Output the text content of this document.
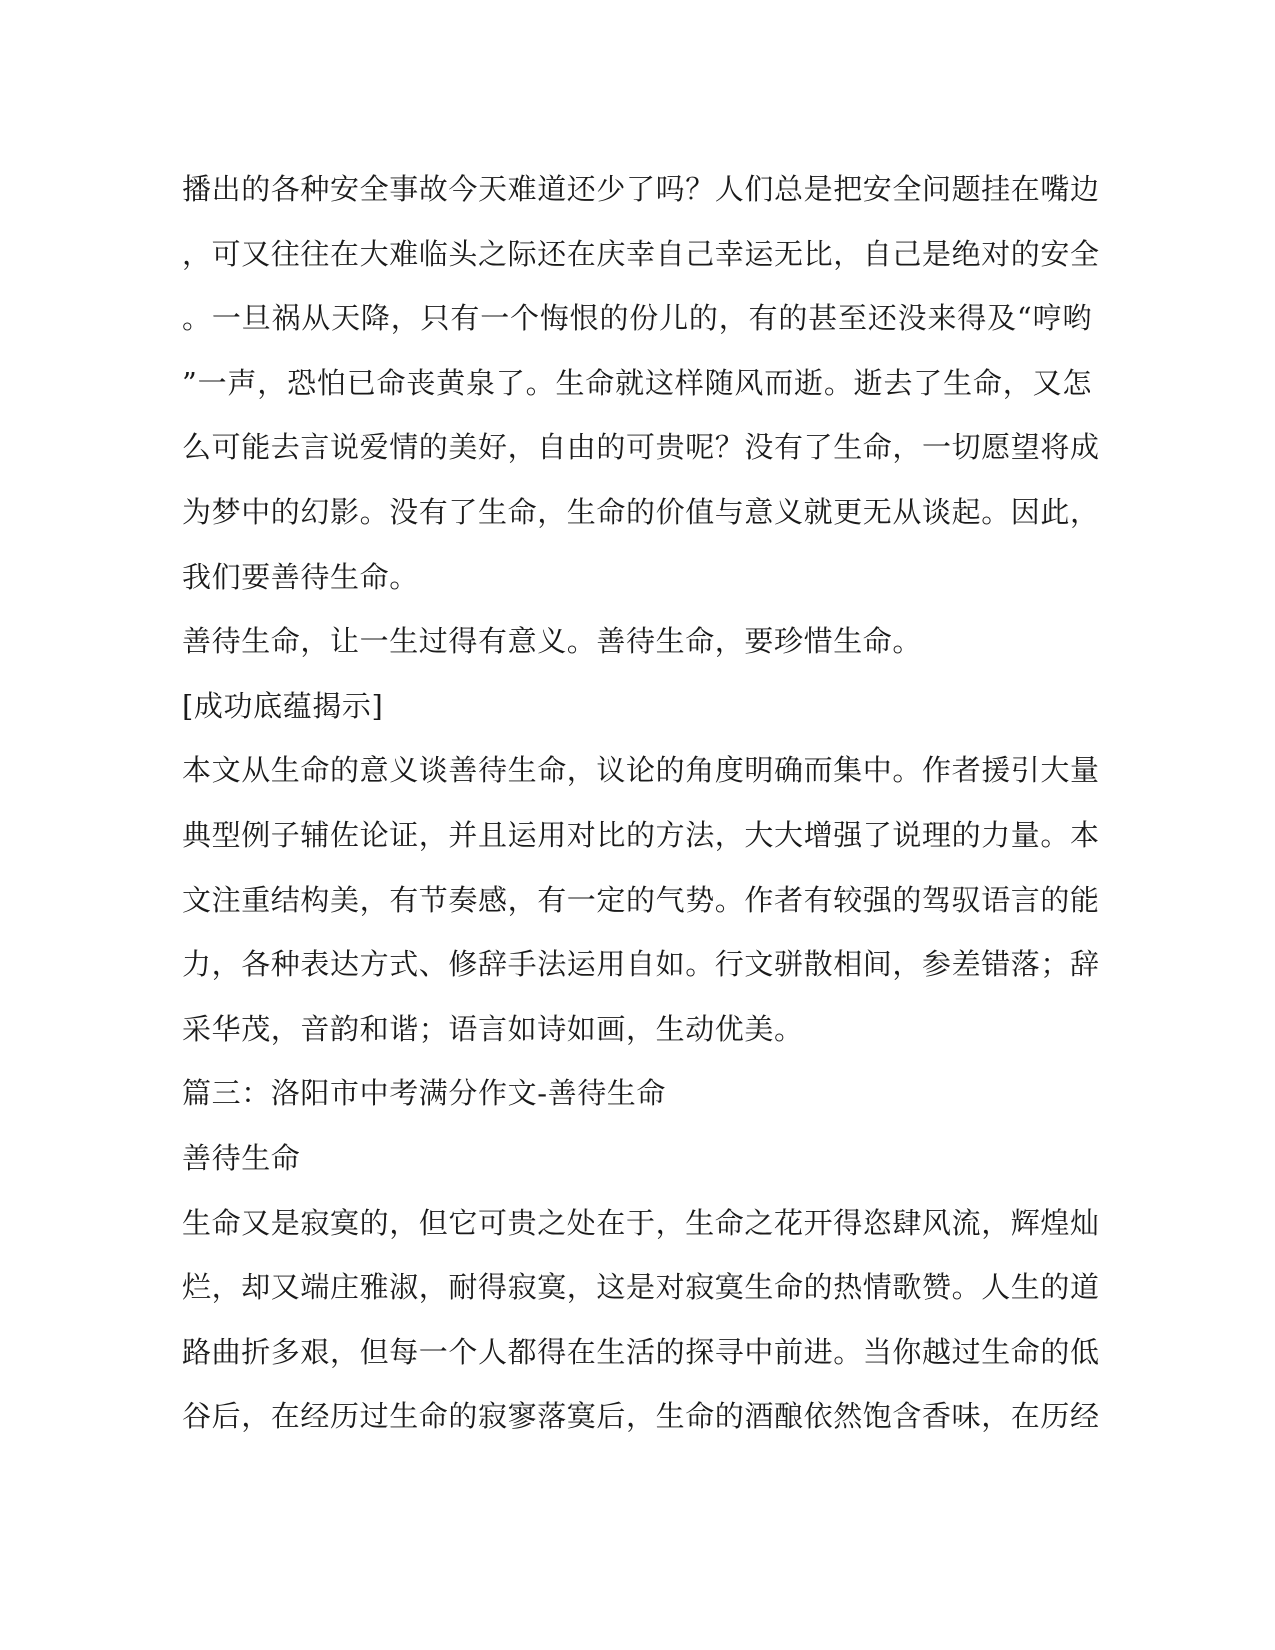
播出的各种安全事故今天难道还少了吗？人们总是把安全问题挂在嘴边
，可又往往在大难临头之际还在庆幸自己幸运无比，自己是绝对的安全
。一旦祸从天降，只有一个悔恨的份儿的，有的甚至还没来得及“哼哟
”一声，恐怕已命丧黄泉了。生命就这样随风而逝。逝去了生命，又怎
么可能去言说爱情的美好，自由的可贵呢？没有了生命，一切愿望将成
为梦中的幻影。没有了生命，生命的价值与意义就更无从谈起。因此，
我们要善待生命。
善待生命，让一生过得有意义。善待生命，要珍惜生命。
[成功底蕴揭示]
本文从生命的意义谈善待生命，议论的角度明确而集中。作者援引大量
典型例子辅佐论证，并且运用对比的方法，大大增强了说理的力量。本
文注重结构美，有节奏感，有一定的气势。作者有较强的驾驭语言的能
力，各种表达方式、修辞手法运用自如。行文骈散相间，参差错落；辞
采华茂，音韵和谐；语言如诗如画，生动优美。
篇三：洛阳市中考满分作文-善待生命
善待生命
生命又是寂寞的，但它可贵之处在于，生命之花开得恣肆风流，辉煌灿
烂，却又端庄雅淑，耐得寂寞，这是对寂寞生命的热情歌赞。人生的道
路曲折多艰，但每一个人都得在生活的探寻中前进。当你越过生命的低
谷后，在经历过生命的寂寥落寞后，生命的酒酿依然饱含香味，在历经
